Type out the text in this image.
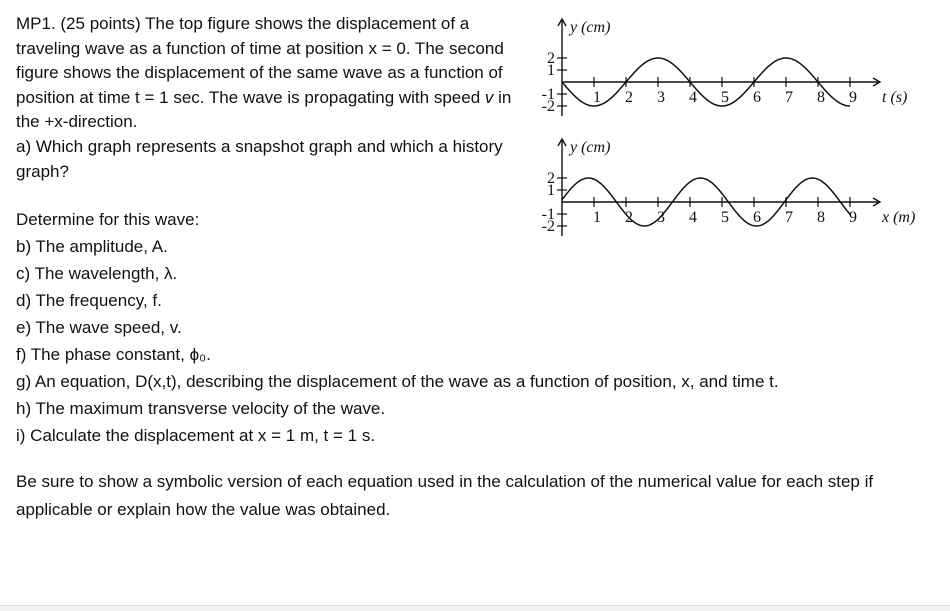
MP1. (25 points) The top figure shows the displacement of a traveling wave as a function of time at position x = 0. The second figure shows the displacement of the same wave as a function of position at time t = 1 sec. The wave is propagating with speed v in the +x-direction.
a) Which graph represents a snapshot graph and which a history graph?

Determine for this wave:
b) The amplitude, A.
c) The wavelength, λ.
d) The frequency, f.
e) The wave speed, v.
f) The phase constant, ϕ₀.
g) An equation, D(x,t), describing the displacement of the wave as a function of position, x, and time t.
h) The maximum transverse velocity of the wave.
i) Calculate the displacement at x = 1 m, t = 1 s.

Be sure to show a symbolic version of each equation used in the calculation of the numerical value for each step if applicable or explain how the value was obtained.

2
1
-1
-2
1 2 3 4 5 6 7 8 9
y (cm)
t (s)
2
1
-1
-2
1 2 3 4 5 6 7 8 9
y (cm)
x (m)
